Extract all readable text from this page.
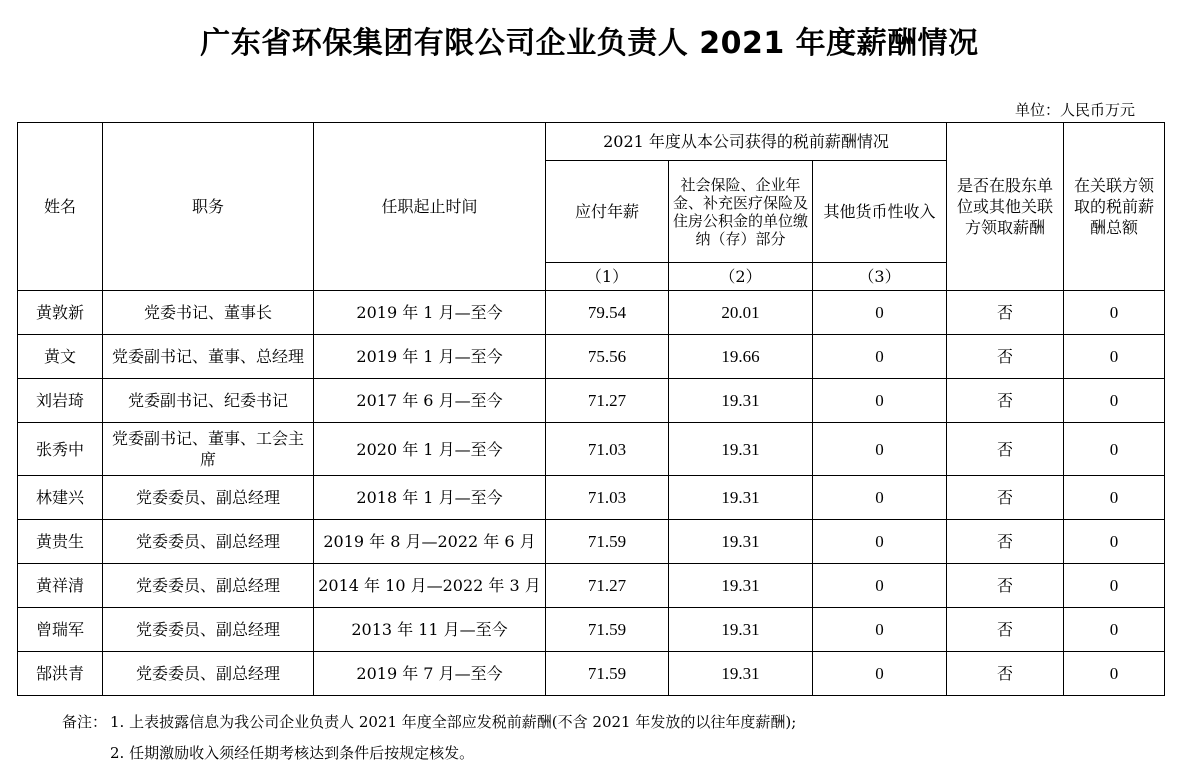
广东省环保集团有限公司企业负责人 2021 年度薪酬情况
单位：人民币万元
姓名	职务	任职起止时间	2021 年度从本公司获得的税前薪酬情况			是否在股东单位或其他关联方领取薪酬	在关联方领取的税前薪酬总额
			应付年薪	社会保险、企业年金、补充医疗保险及住房公积金的单位缴纳（存）部分	其他货币性收入		
			（1）	（2）	（3）		
黄敦新	党委书记、董事长	2019 年 1 月—至今	79.54	20.01	0	否	0
黄文	党委副书记、董事、总经理	2019 年 1 月—至今	75.56	19.66	0	否	0
刘岩琦	党委副书记、纪委书记	2017 年 6 月—至今	71.27	19.31	0	否	0
张秀中	党委副书记、董事、工会主席	2020 年 1 月—至今	71.03	19.31	0	否	0
林建兴	党委委员、副总经理	2018 年 1 月—至今	71.03	19.31	0	否	0
黄贵生	党委委员、副总经理	2019 年 8 月—2022 年 6 月	71.59	19.31	0	否	0
黄祥清	党委委员、副总经理	2014 年 10 月—2022 年 3 月	71.27	19.31	0	否	0
曾瑞军	党委委员、副总经理	2013 年 11 月—至今	71.59	19.31	0	否	0
郜洪青	党委委员、副总经理	2019 年 7 月—至今	71.59	19.31	0	否	0
备注： 1. 上表披露信息为我公司企业负责人 2021 年度全部应发税前薪酬(不含 2021 年发放的以往年度薪酬);
2. 任期激励收入须经任期考核达到条件后按规定核发。
